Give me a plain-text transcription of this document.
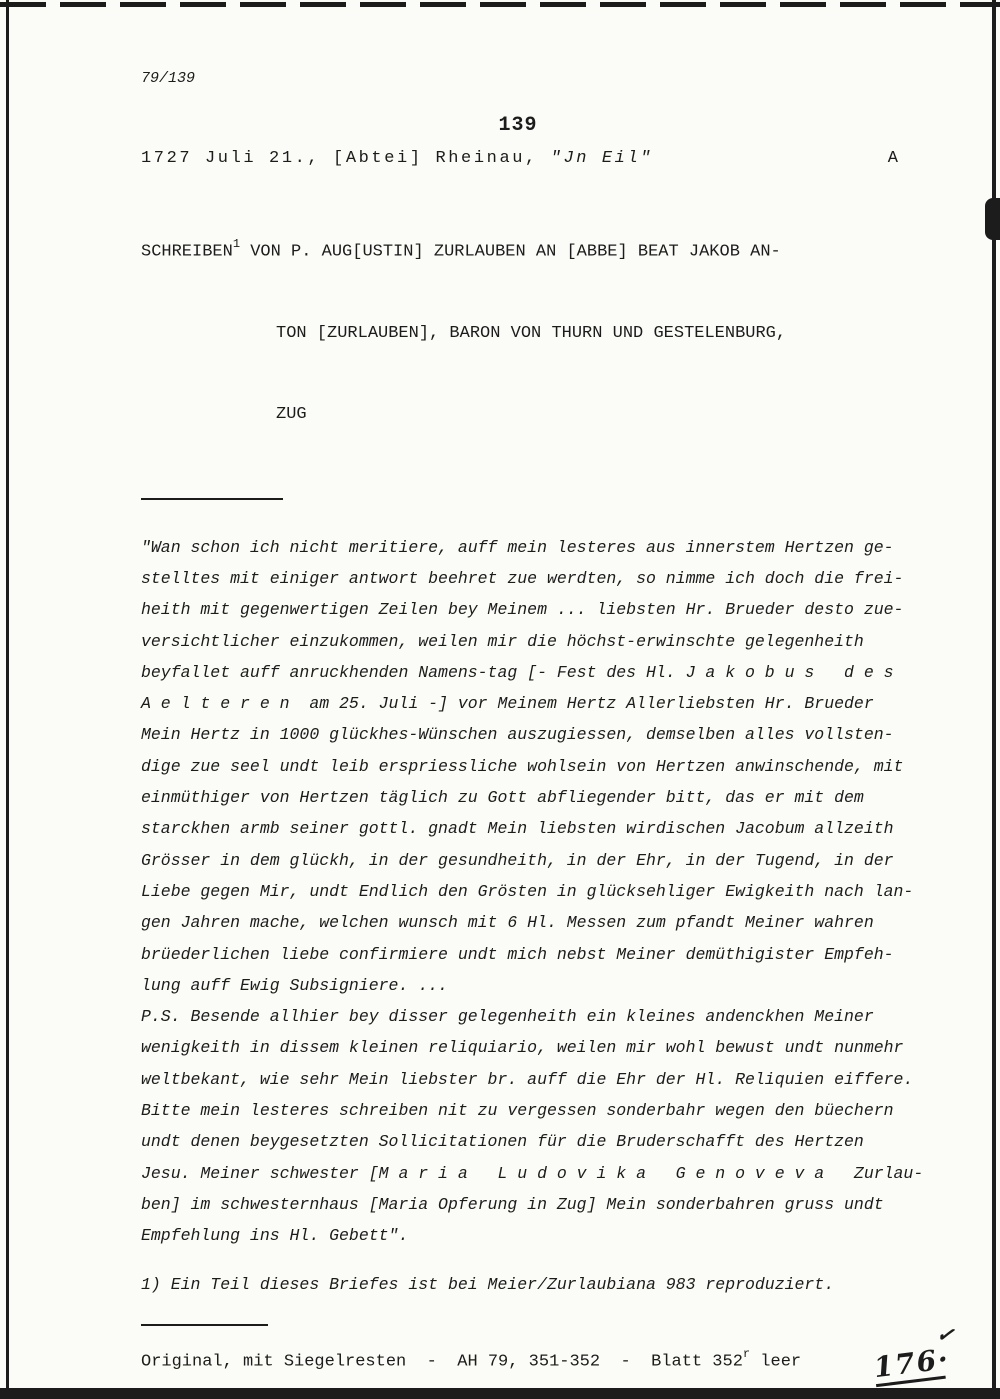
79/139
139
1727 Juli 21., [Abtei] Rheinau, "Jn Eil"	A

SCHREIBEN$^1$ VON P. AUG[USTIN] ZURLAUBEN AN [ABBE] BEAT JAKOB AN-

TON [ZURLAUBEN], BARON VON THURN UND GESTELENBURG,

ZUG

"Wan schon ich nicht meritiere, auff mein lesteres aus innerstem Hertzen ge-
stelltes mit einiger antwort beehret zue werdten, so nimme ich doch die frei-
heith mit gegenwertigen Zeilen bey Meinem ... liebsten Hr. Brueder desto zue-
versichtlicher einzukommen, weilen mir die höchst-erwinschte gelegenheith
beyfallet auff anruckhenden Namens-tag [- Fest des Hl. J a k o b u s   d e s
A e l t e r e n  am 25. Juli -] vor Meinem Hertz Allerliebsten Hr. Brueder
Mein Hertz in 1000 glückhes-Wünschen auszugiessen, demselben alles vollsten-
dige zue seel undt leib erspriessliche wohlsein von Hertzen anwinschende, mit
einmüthiger von Hertzen täglich zu Gott abfliegender bitt, das er mit dem
starckhen armb seiner gottl. gnadt Mein liebsten wirdischen Jacobum allzeith
Grösser in dem glückh, in der gesundheith, in der Ehr, in der Tugend, in der
Liebe gegen Mir, undt Endlich den Grösten in glücksehliger Ewigkeith nach lan-
gen Jahren mache, welchen wunsch mit 6 Hl. Messen zum pfandt Meiner wahren
brüederlichen liebe confirmiere undt mich nebst Meiner demüthigister Empfeh-
lung auff Ewig Subsigniere. ...
P.S. Besende allhier bey disser gelegenheith ein kleines andenckhen Meiner
wenigkeith in dissem kleinen reliquiario, weilen mir wohl bewust undt nunmehr
weltbekant, wie sehr Mein liebster br. auff die Ehr der Hl. Reliquien eiffere.
Bitte mein lesteres schreiben nit zu vergessen sonderbahr wegen den büechern
undt denen beygesetzten Sollicitationen für die Bruderschafft des Hertzen
Jesu. Meiner schwester [M a r i a   L u d o v i k a   G e n o v e v a   Zurlau-
ben] im schwesternhaus [Maria Opferung in Zug] Mein sonderbahren gruss undt
Empfehlung ins Hl. Gebett".
1) Ein Teil dieses Briefes ist bei Meier/Zurlaubiana 983 reproduziert.
Original, mit Siegelresten  -  AH 79, 351-352  -  Blatt 352$^r$ leer
✓
176·
